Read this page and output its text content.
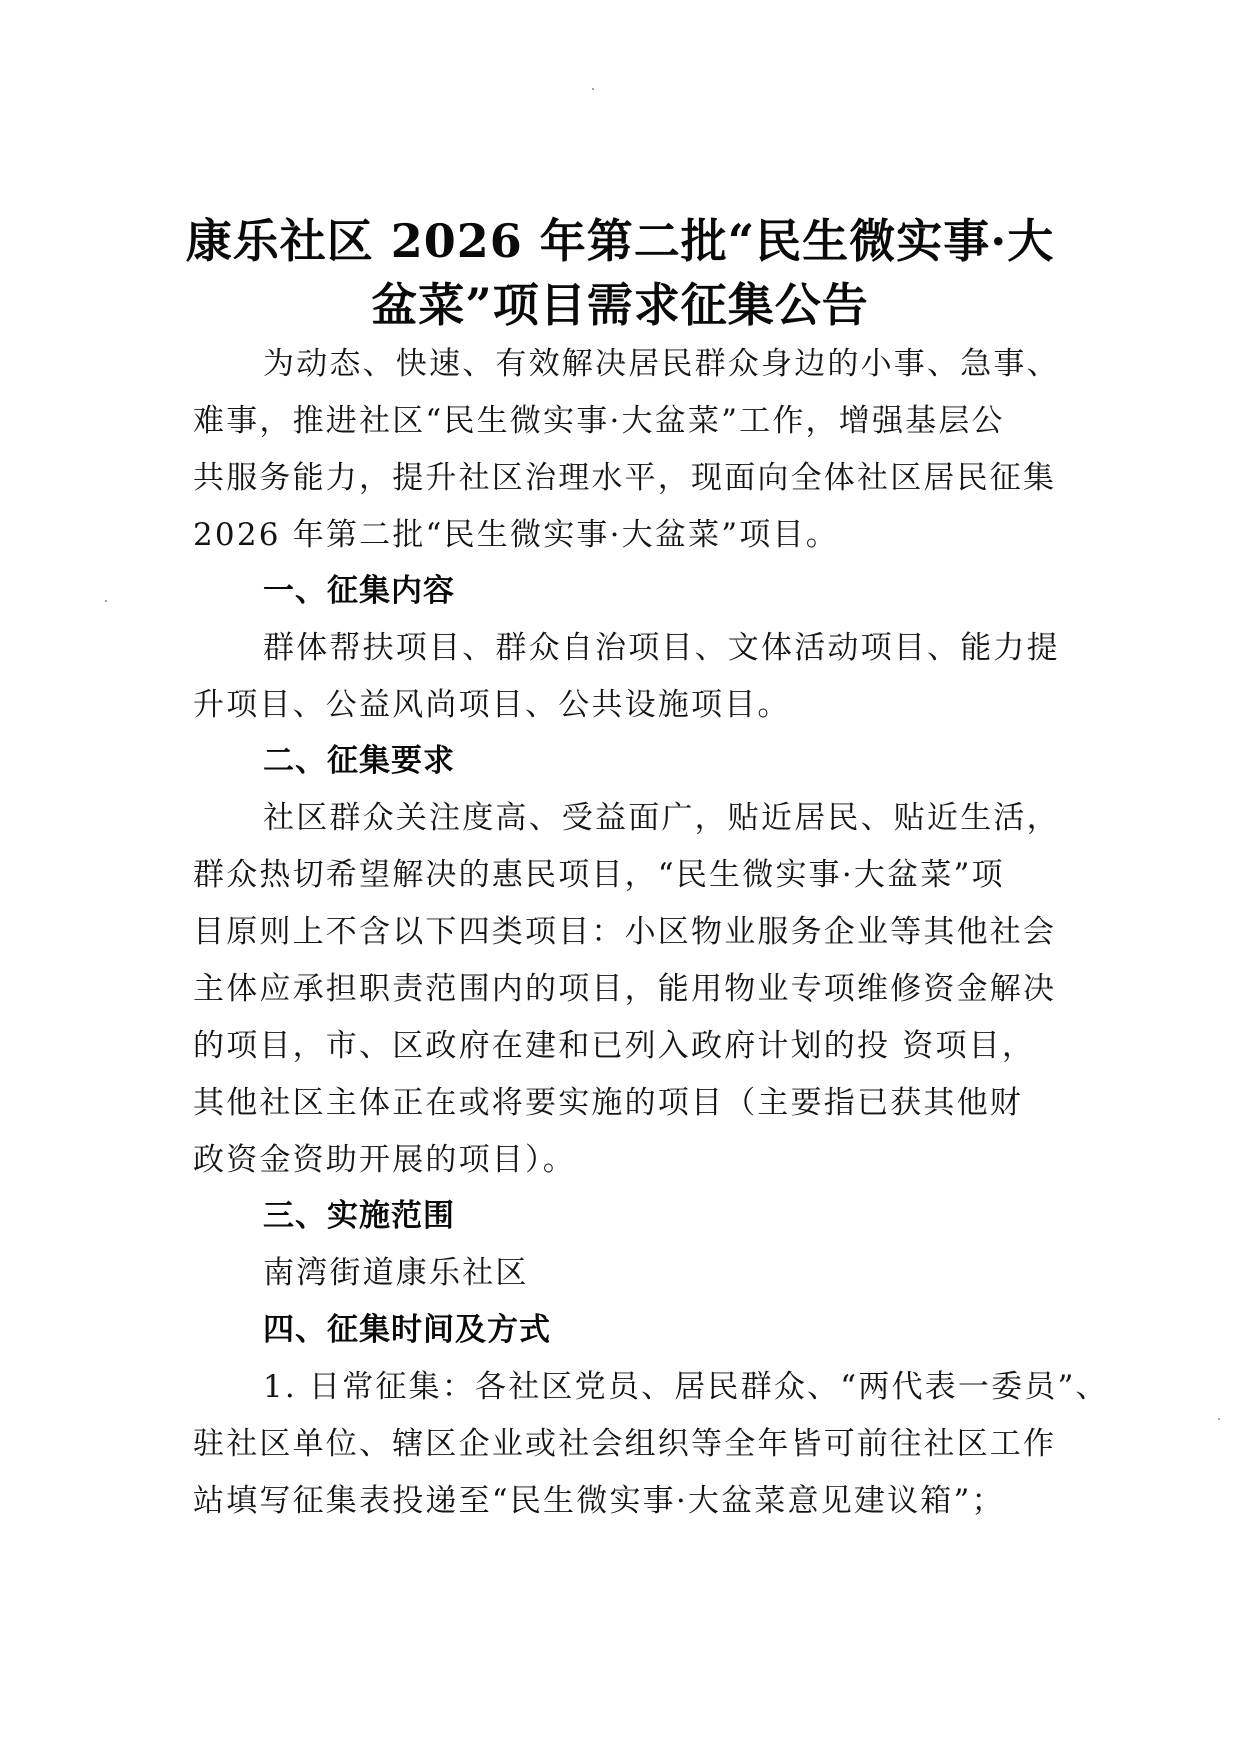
康乐社区 2026 年第二批“民生微实事·大
盆菜”项目需求征集公告
为动态、快速、有效解决居民群众身边的小事、急事、
难事，推进社区“民生微实事·大盆菜”工作，增强基层公
共服务能力，提升社区治理水平，现面向全体社区居民征集
2026 年第二批“民生微实事·大盆菜”项目。
一、征集内容
群体帮扶项目、群众自治项目、文体活动项目、能力提
升项目、公益风尚项目、公共设施项目。
二、征集要求
社区群众关注度高、受益面广，贴近居民、贴近生活，
群众热切希望解决的惠民项目，“民生微实事·大盆菜”项
目原则上不含以下四类项目：小区物业服务企业等其他社会
主体应承担职责范围内的项目，能用物业专项维修资金解决
的项目，市、区政府在建和已列入政府计划的投 资项目，
其他社区主体正在或将要实施的项目（主要指已获其他财
政资金资助开展的项目）。
三、实施范围
南湾街道康乐社区
四、征集时间及方式
1. 日常征集：各社区党员、居民群众、“两代表一委员”、
驻社区单位、辖区企业或社会组织等全年皆可前往社区工作
站填写征集表投递至“民生微实事·大盆菜意见建议箱”；
